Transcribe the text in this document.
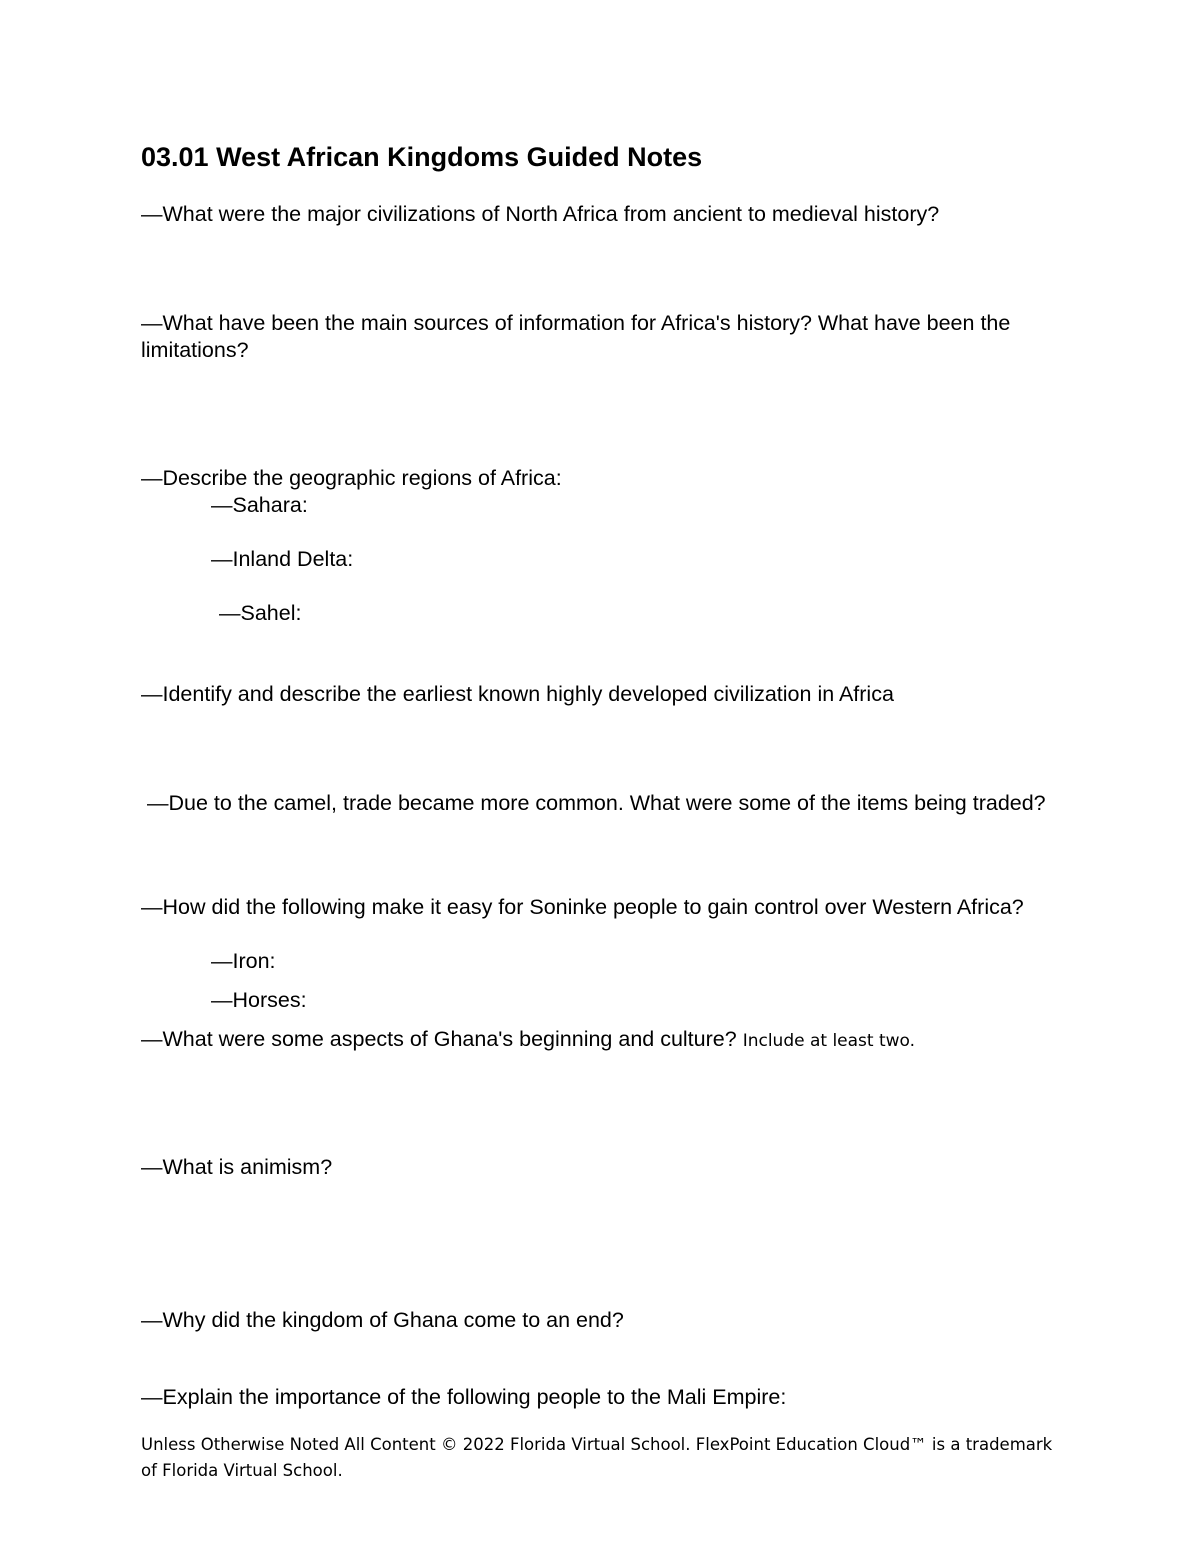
03.01 West African Kingdoms Guided Notes
—What were the major civilizations of North Africa from ancient to medieval history?
—What have been the main sources of information for Africa's history? What have been the limitations?
—Describe the geographic regions of Africa:
—Sahara:
—Inland Delta:
—Sahel:
—Identify and describe the earliest known highly developed civilization in Africa
—Due to the camel, trade became more common. What were some of the items being traded?
—How did the following make it easy for Soninke people to gain control over Western Africa?
—Iron:
—Horses:
—What were some aspects of Ghana's beginning and culture? Include at least two.
—What is animism?
—Why did the kingdom of Ghana come to an end?
—Explain the importance of the following people to the Mali Empire:
Unless Otherwise Noted All Content © 2022 Florida Virtual School. FlexPoint Education Cloud™ is a trademark of Florida Virtual School.
